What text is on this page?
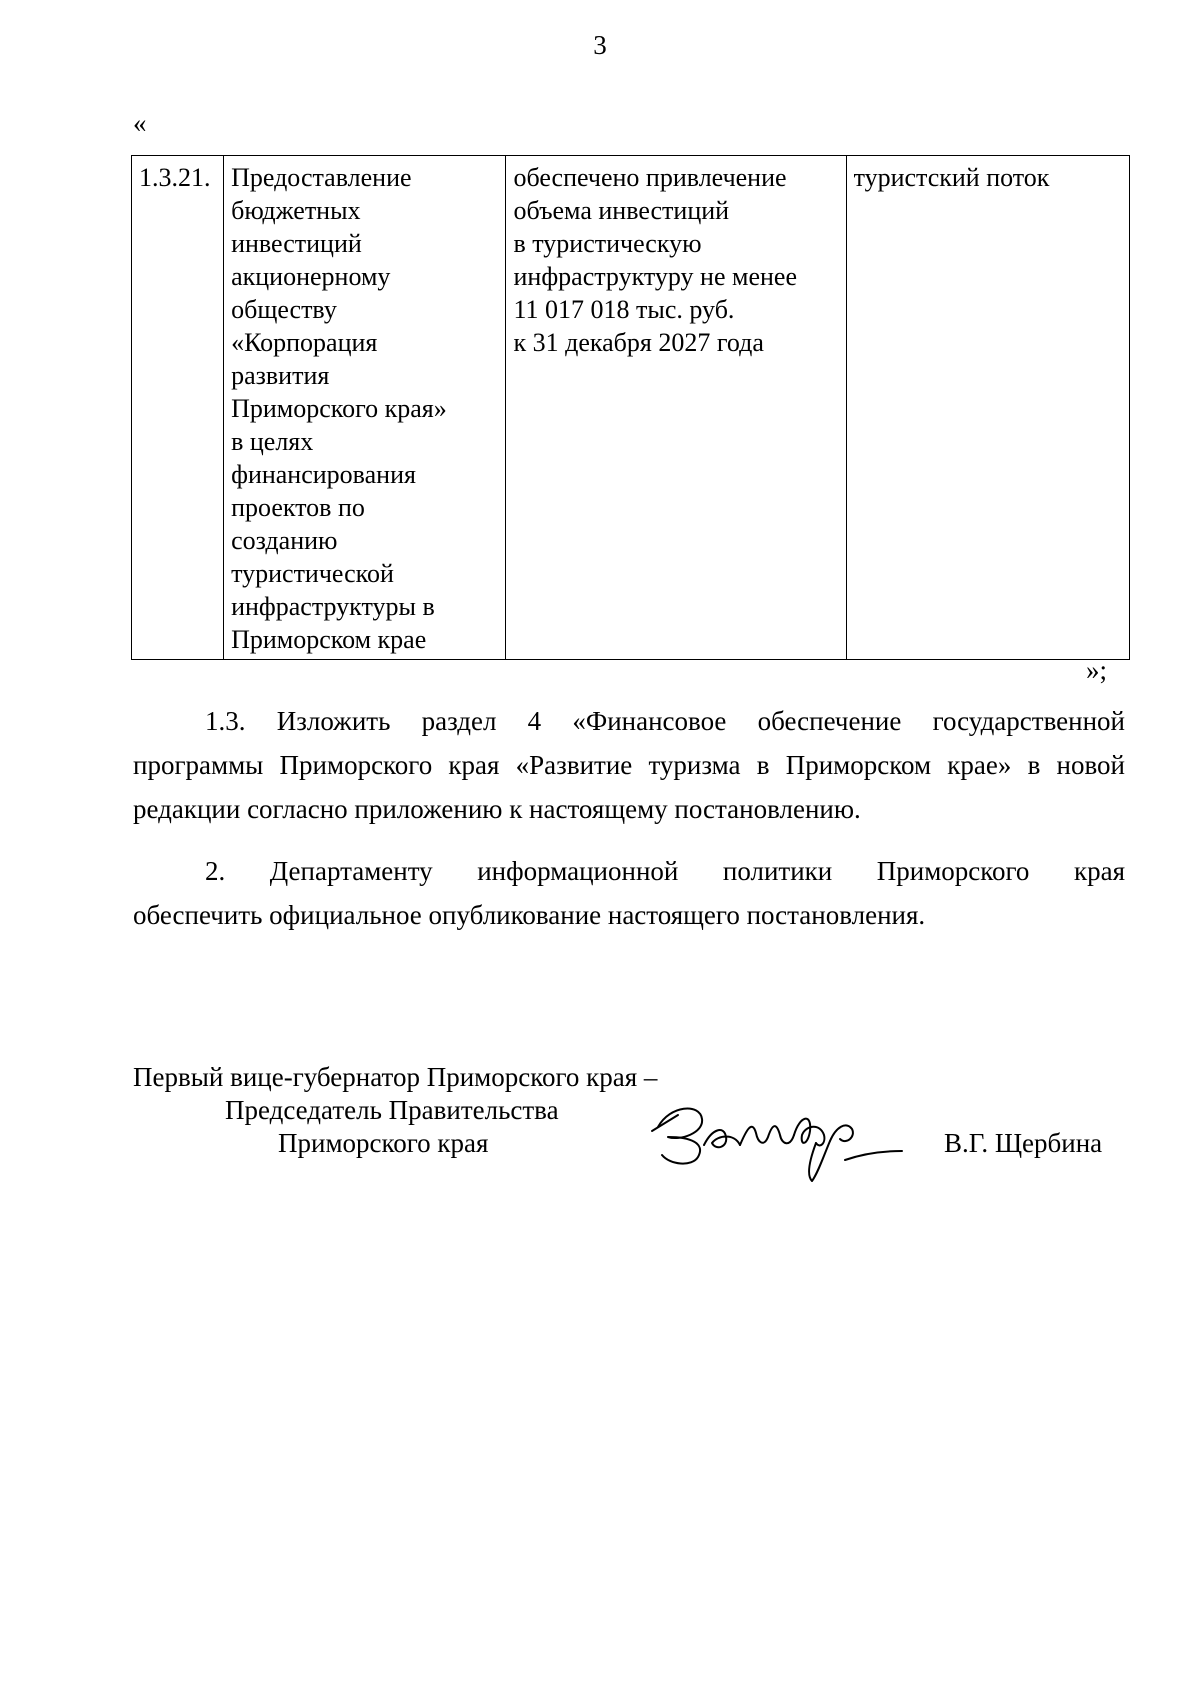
3
«
1.3.21.	Предоставление
бюджетных
инвестиций
акционерному
обществу
«Корпорация
развития
Приморского края»
в целях
финансирования
проектов по
созданию
туристической
инфраструктуры в
Приморском крае	обеспечено привлечение
объема инвестиций
в туристическую
инфраструктуру не менее
11 017 018 тыс. руб.
к 31 декабря 2027 года	туристский поток
»;
1.3. Изложить раздел 4 «Финансовое обеспечение государственной
программы Приморского края «Развитие туризма в Приморском крае» в новой
редакции согласно приложению к настоящему постановлению.
2. Департаменту информационной политики Приморского края
обеспечить официальное опубликование настоящего постановления.
Первый вице-губернатор Приморского края –
Председатель Правительства
Приморского края	В.Г. Щербина
